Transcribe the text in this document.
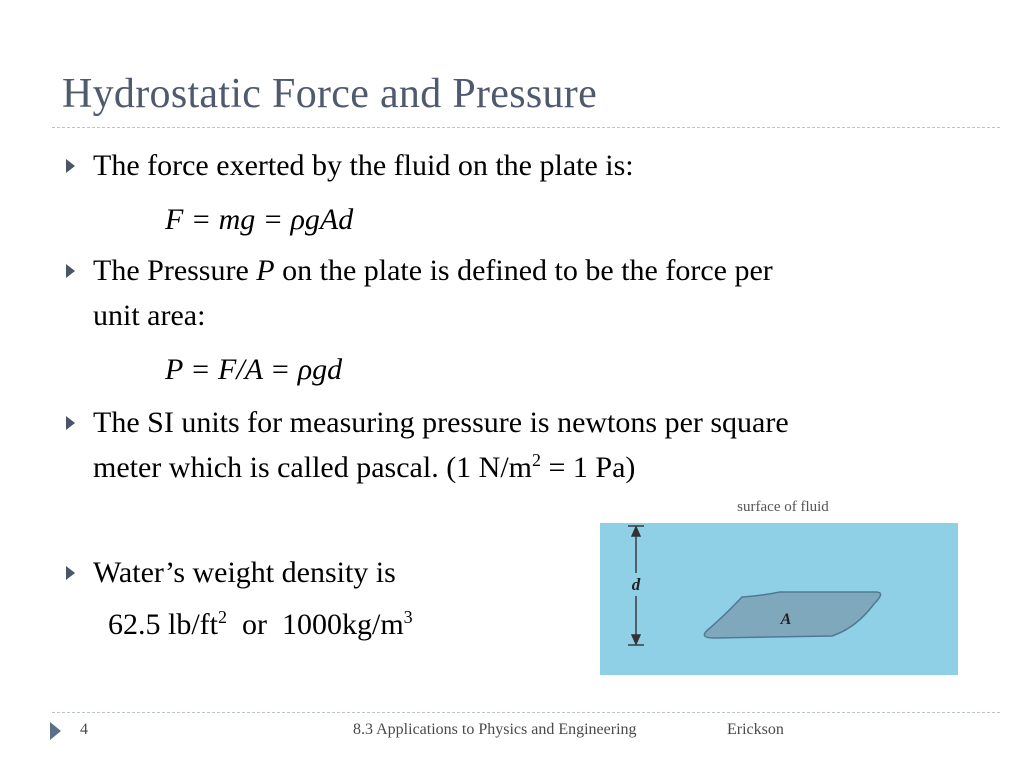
Hydrostatic Force and Pressure
The force exerted by the fluid on the plate is:
F = mg = ρgAd
The Pressure P on the plate is defined to be the force per
unit area:
P = F/A = ρgd
The SI units for measuring pressure is newtons per square
meter which is called pascal. (1 $N/m^2 = 1$ Pa)
Water’s weight density is
62.5 $lb/ft^2$  or  $1000kg/m^3$
surface of fluid
d
A
4	8.3 Applications to Physics and Engineering	Erickson
